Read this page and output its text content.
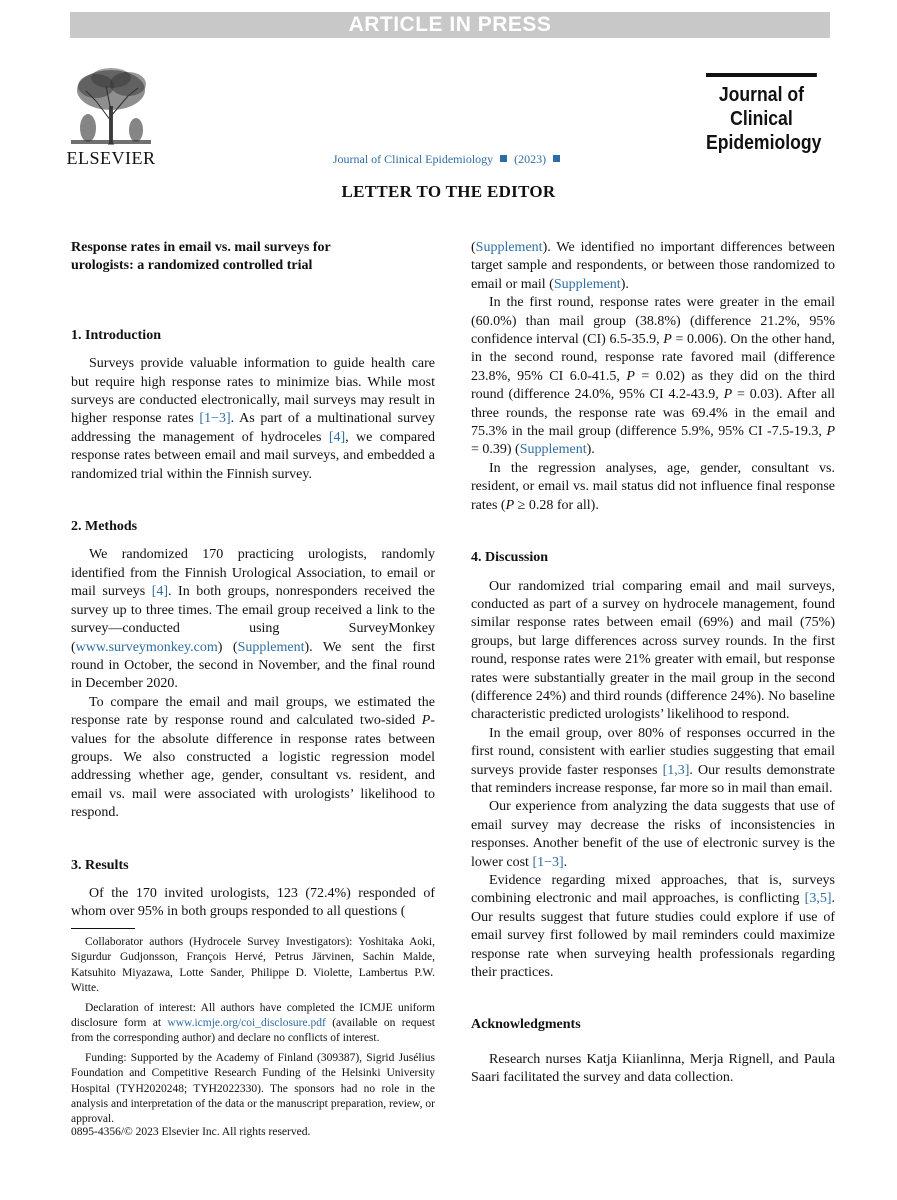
ARTICLE IN PRESS
ELSEVIER
Journal of
Clinical
Epidemiology
Journal of Clinical Epidemiology (2023)
LETTER TO THE EDITOR
Response rates in email vs. mail surveys for
urologists: a randomized controlled trial
1. Introduction

Surveys provide valuable information to guide health care but require high response rates to minimize bias. While most surveys are conducted electronically, mail surveys may result in higher response rates [1−3]. As part of a multinational survey addressing the management of hydroceles [4], we compared response rates between email and mail surveys, and embedded a randomized trial within the Finnish survey.

2. Methods

We randomized 170 practicing urologists, randomly identified from the Finnish Urological Association, to email or mail surveys [4]. In both groups, nonresponders received the survey up to three times. The email group received a link to the survey—conducted using SurveyMonkey (www.surveymonkey.com) (Supplement). We sent the first round in October, the second in November, and the final round in December 2020.

To compare the email and mail groups, we estimated the response rate by response round and calculated two-sided P-values for the absolute difference in response rates between groups. We also constructed a logistic regression model addressing whether age, gender, consultant vs. resident, and email vs. mail were associated with urologists’ likelihood to respond.

3. Results

Of the 170 invited urologists, 123 (72.4%) responded of whom over 95% in both groups responded to all questions (

Collaborator authors (Hydrocele Survey Investigators): Yoshitaka Aoki, Sigurdur Gudjonsson, François Hervé, Petrus Järvinen, Sachin Malde, Katsuhito Miyazawa, Lotte Sander, Philippe D. Violette, Lambertus P.W. Witte.

Declaration of interest: All authors have completed the ICMJE uniform disclosure form at www.icmje.org/coi_disclosure.pdf (available on request from the corresponding author) and declare no conflicts of interest.

Funding: Supported by the Academy of Finland (309387), Sigrid Jusélius Foundation and Competitive Research Funding of the Helsinki University Hospital (TYH2020248; TYH2022330). The sponsors had no role in the analysis and interpretation of the data or the manuscript preparation, review, or approval.

0895-4356/© 2023 Elsevier Inc. All rights reserved.

(Supplement). We identified no important differences between target sample and respondents, or between those randomized to email or mail (Supplement).

In the first round, response rates were greater in the email (60.0%) than mail group (38.8%) (difference 21.2%, 95% confidence interval (CI) 6.5-35.9, P = 0.006). On the other hand, in the second round, response rate favored mail (difference 23.8%, 95% CI 6.0-41.5, P = 0.02) as they did on the third round (difference 24.0%, 95% CI 4.2-43.9, P = 0.03). After all three rounds, the response rate was 69.4% in the email and 75.3% in the mail group (difference 5.9%, 95% CI -7.5-19.3, P = 0.39) (Supplement).

In the regression analyses, age, gender, consultant vs. resident, or email vs. mail status did not influence final response rates (P ≥ 0.28 for all).

4. Discussion

Our randomized trial comparing email and mail surveys, conducted as part of a survey on hydrocele management, found similar response rates between email (69%) and mail (75%) groups, but large differences across survey rounds. In the first round, response rates were 21% greater with email, but response rates were substantially greater in the mail group in the second (difference 24%) and third rounds (difference 24%). No baseline characteristic predicted urologists’ likelihood to respond.

In the email group, over 80% of responses occurred in the first round, consistent with earlier studies suggesting that email surveys provide faster responses [1,3]. Our results demonstrate that reminders increase response, far more so in mail than email.

Our experience from analyzing the data suggests that use of email survey may decrease the risks of inconsistencies in responses. Another benefit of the use of electronic survey is the lower cost [1−3].

Evidence regarding mixed approaches, that is, surveys combining electronic and mail approaches, is conflicting [3,5]. Our results suggest that future studies could explore if use of email survey first followed by mail reminders could maximize response rate when surveying health professionals regarding their practices.

Acknowledgments

Research nurses Katja Kiianlinna, Merja Rignell, and Paula Saari facilitated the survey and data collection.
